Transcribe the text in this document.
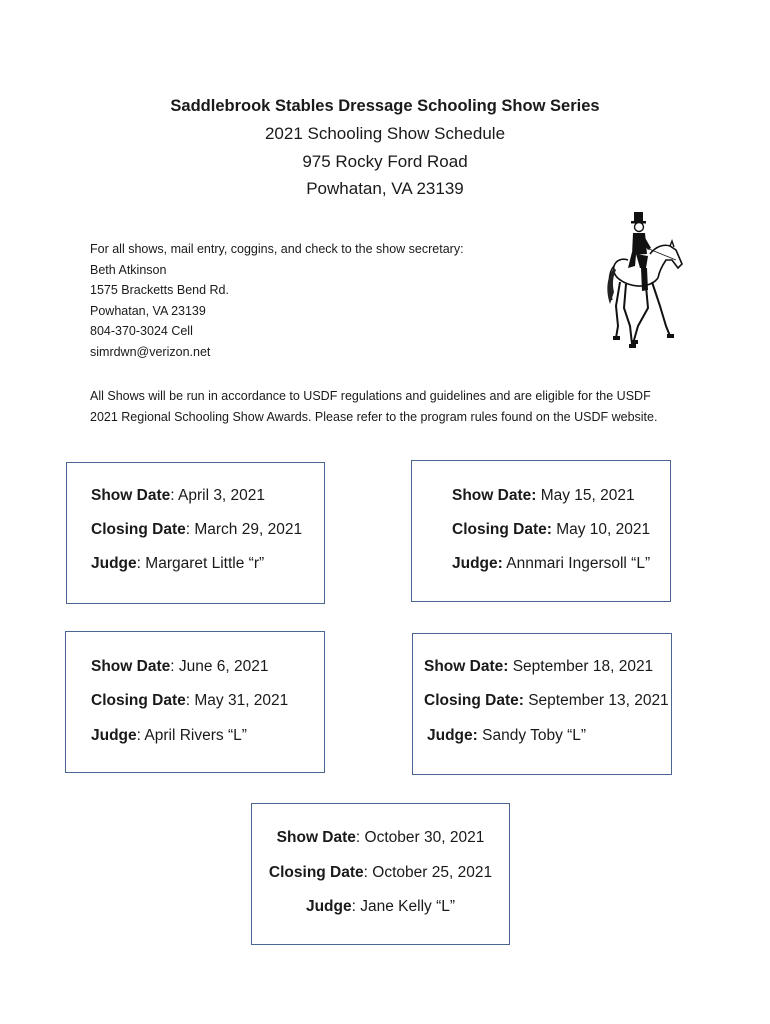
Saddlebrook Stables Dressage Schooling Show Series
2021 Schooling Show Schedule
975 Rocky Ford Road
Powhatan, VA 23139
For all shows, mail entry, coggins, and check to the show secretary:
Beth Atkinson
1575 Bracketts Bend Rd.
Powhatan, VA 23139
804-370-3024 Cell
simrdwn@verizon.net
All Shows will be run in accordance to USDF regulations and guidelines and are eligible for the USDF 2021 Regional Schooling Show Awards. Please refer to the program rules found on the USDF website.
Show Date: April 3, 2021
Closing Date: March 29, 2021
Judge: Margaret Little “r”
Show Date: May 15, 2021
Closing Date: May 10, 2021
Judge: Annmari Ingersoll “L”
Show Date: June 6, 2021
Closing Date: May 31, 2021
Judge: April Rivers “L”
Show Date: September 18, 2021
Closing Date: September 13, 2021
Judge: Sandy Toby “L”
Show Date: October 30, 2021
Closing Date: October 25, 2021
Judge: Jane Kelly “L”
